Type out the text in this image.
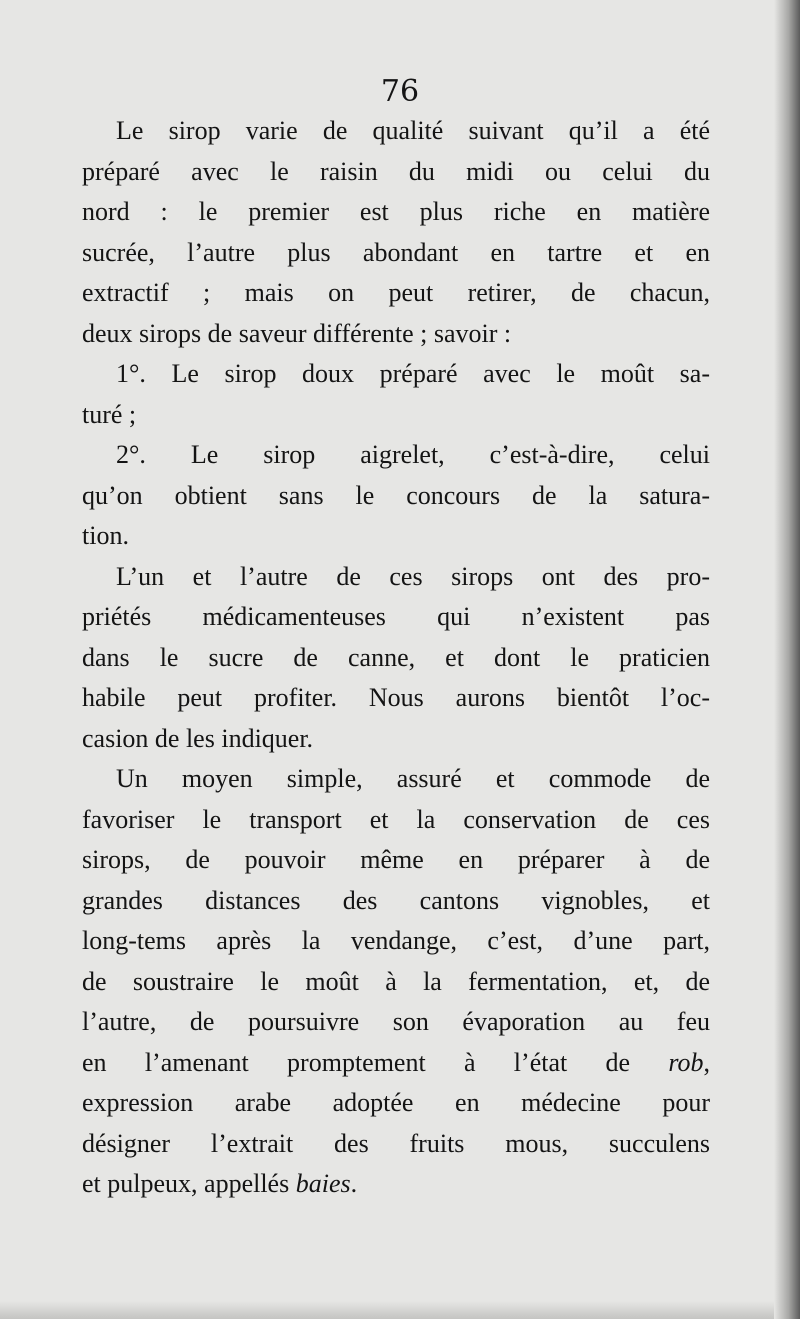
76
Le sirop varie de qualité suivant qu’il a été
préparé avec le raisin du midi ou celui du
nord : le premier est plus riche en matière
sucrée, l’autre plus abondant en tartre et en
extractif ; mais on peut retirer, de chacun,
deux sirops de saveur différente ; savoir :
1°. Le sirop doux préparé avec le moût sa-
turé ;
2°. Le sirop aigrelet, c’est-à-dire, celui
qu’on obtient sans le concours de la satura-
tion.
L’un et l’autre de ces sirops ont des pro-
priétés médicamenteuses qui n’existent pas
dans le sucre de canne, et dont le praticien
habile peut profiter. Nous aurons bientôt l’oc-
casion de les indiquer.
Un moyen simple, assuré et commode de
favoriser le transport et la conservation de ces
sirops, de pouvoir même en préparer à de
grandes distances des cantons vignobles, et
long-tems après la vendange, c’est, d’une part,
de soustraire le moût à la fermentation, et, de
l’autre, de poursuivre son évaporation au feu
en l’amenant promptement à l’état de rob,
expression arabe adoptée en médecine pour
désigner l’extrait des fruits mous, succulens
et pulpeux, appellés baies.
